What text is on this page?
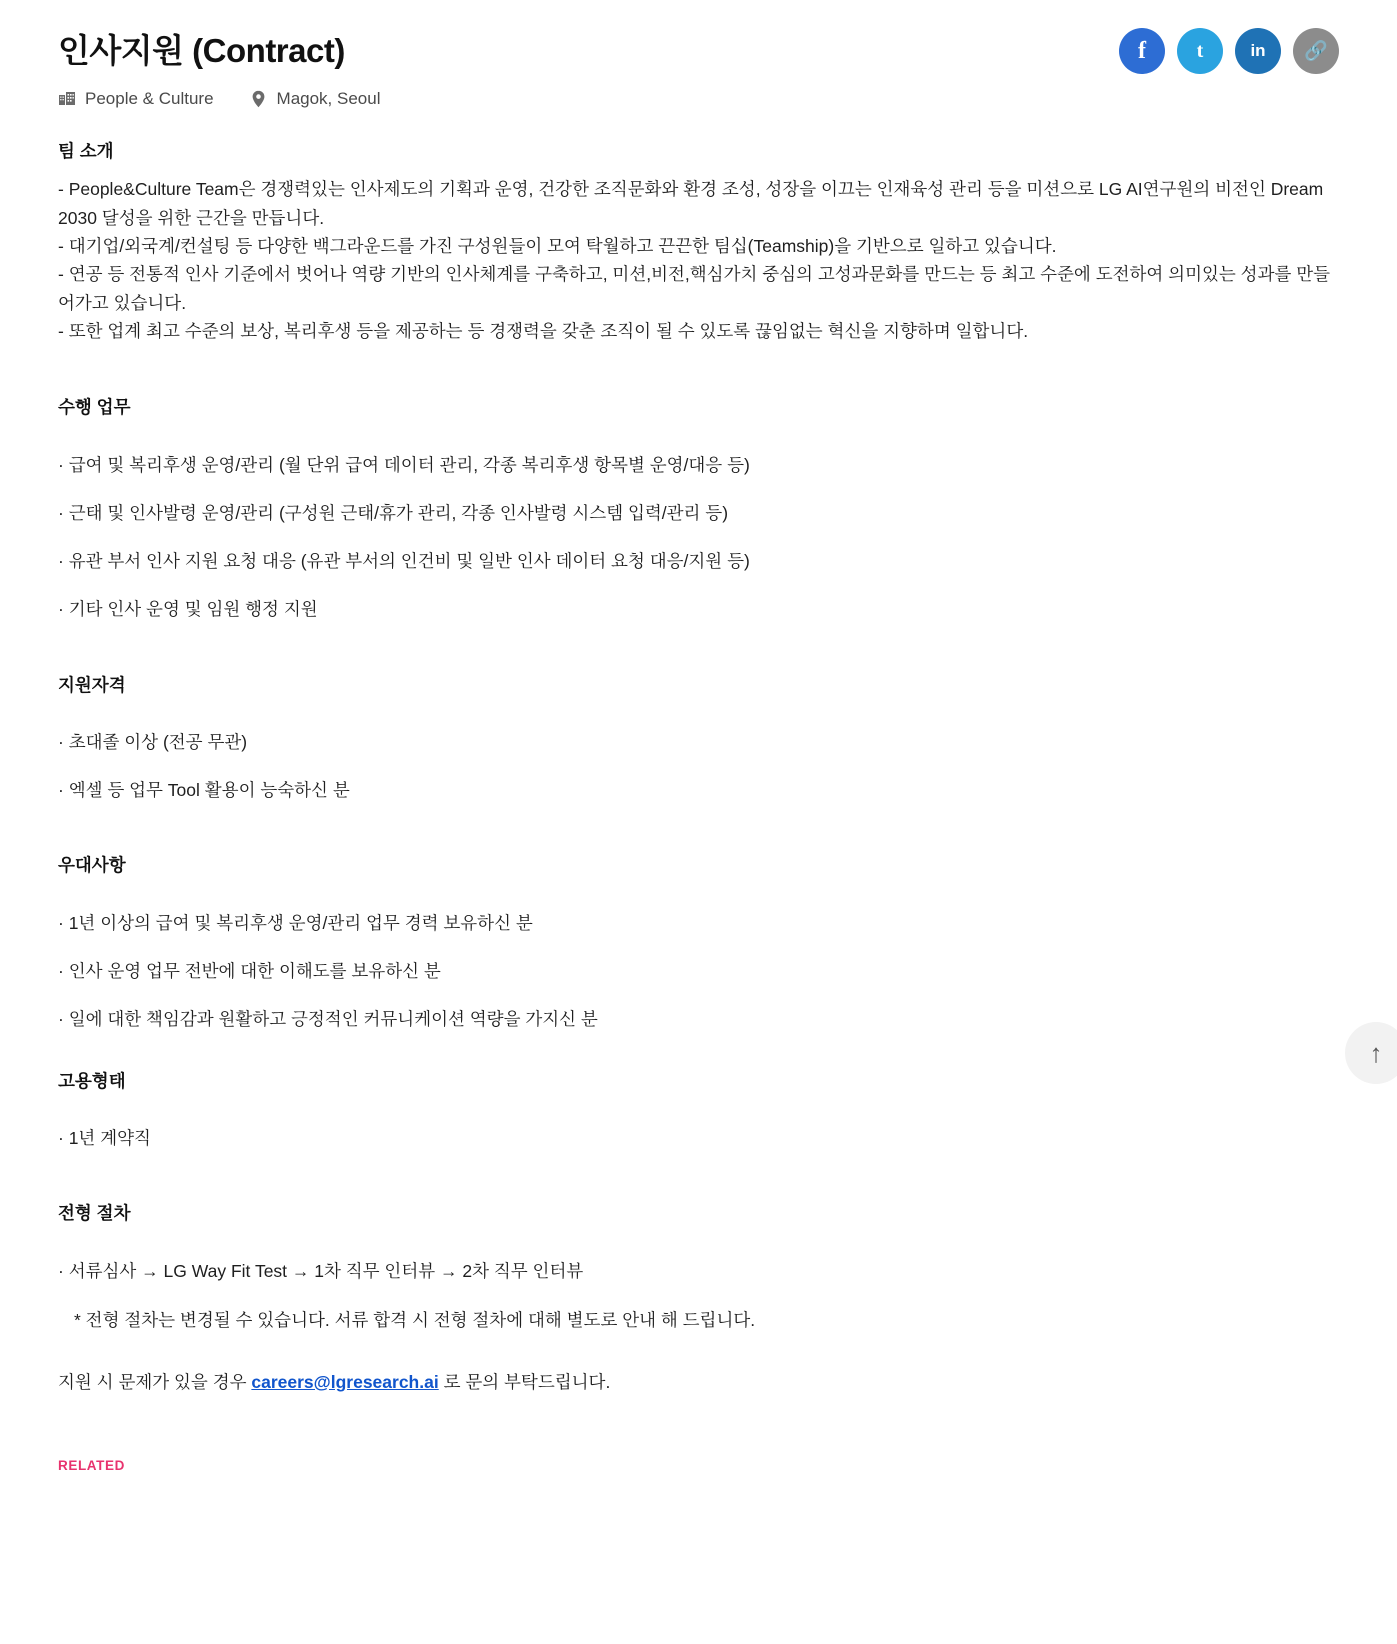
인사지원 (Contract)
People & Culture	Magok, Seoul
f	t	in	🔗
팀 소개

- People&Culture Team은 경쟁력있는 인사제도의 기획과 운영, 건강한 조직문화와 환경 조성, 성장을 이끄는 인재육성 관리 등을 미션으로 LG AI연구원의 비전인 Dream 2030 달성을 위한 근간을 만듭니다.

- 대기업/외국계/컨설팅 등 다양한 백그라운드를 가진 구성원들이 모여 탁월하고 끈끈한 팀십(Teamship)을 기반으로 일하고 있습니다.

- 연공 등 전통적 인사 기준에서 벗어나 역량 기반의 인사체계를 구축하고, 미션,비전,핵심가치 중심의 고성과문화를 만드는 등 최고 수준에 도전하여 의미있는 성과를 만들어가고 있습니다.

- 또한 업계 최고 수준의 보상, 복리후생 등을 제공하는 등 경쟁력을 갖춘 조직이 될 수 있도록 끊임없는 혁신을 지향하며 일합니다.

수행 업무

· 급여 및 복리후생 운영/관리 (월 단위 급여 데이터 관리, 각종 복리후생 항목별 운영/대응 등)

· 근태 및 인사발령 운영/관리 (구성원 근태/휴가 관리, 각종 인사발령 시스템 입력/관리 등)

· 유관 부서 인사 지원 요청 대응 (유관 부서의 인건비 및 일반 인사 데이터 요청 대응/지원 등)

· 기타 인사 운영 및 임원 행정 지원

지원자격

· 초대졸 이상 (전공 무관)

· 엑셀 등 업무 Tool 활용이 능숙하신 분

우대사항

· 1년 이상의 급여 및 복리후생 운영/관리 업무 경력 보유하신 분

· 인사 운영 업무 전반에 대한 이해도를 보유하신 분

· 일에 대한 책임감과 원활하고 긍정적인 커뮤니케이션 역량을 가지신 분

고용형태

· 1년 계약직

전형 절차

· 서류심사 → LG Way Fit Test → 1차 직무 인터뷰 → 2차 직무 인터뷰

* 전형 절차는 변경될 수 있습니다. 서류 합격 시 전형 절차에 대해 별도로 안내 해 드립니다.

지원 시 문제가 있을 경우 careers@lgresearch.ai 로 문의 부탁드립니다.

RELATED
↑
